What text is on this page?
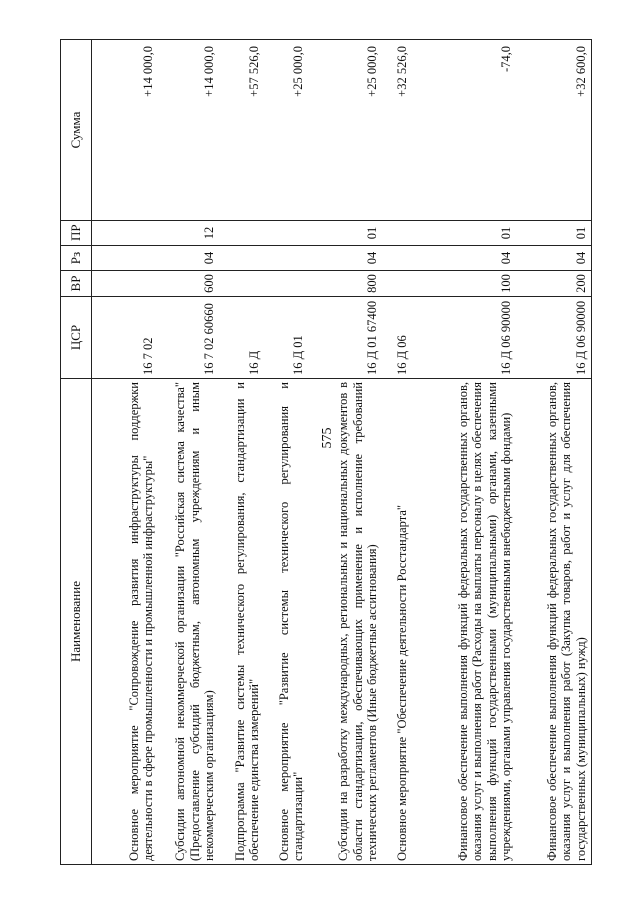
575
Наименование	ЦСР	ВР	Рз	ПР	Сумма
Основное мероприятие "Сопровождение развития инфраструктуры поддержки деятельности в сфере промышленности и промышленной инфраструктуры"	16 7 02				+14 000,0
Субсидии автономной некоммерческой организации "Российская система качества" (Предоставление субсидий бюджетным, автономным учреждениям и иным некоммерческим организациям)	16 7 02 60660	600	04	12	+14 000,0
Подпрограмма "Развитие системы технического регулирования, стандартизации и обеспечение единства измерений"	16 Д				+57 526,0
Основное мероприятие "Развитие системы технического регулирования и стандартизации"	16 Д 01				+25 000,0
Субсидии на разработку международных, региональных и национальных документов в области стандартизации, обеспечивающих применение и исполнение требований технических регламентов (Иные бюджетные ассигнования)	16 Д 01 67400	800	04	01	+25 000,0
Основное мероприятие "Обеспечение деятельности Росстандарта"	16 Д 06				+32 526,0
Финансовое обеспечение выполнения функций федеральных государственных органов, оказания услуг и выполнения работ (Расходы на выплаты персоналу в целях обеспечения выполнения функций государственными (муниципальными) органами, казенными учреждениями, органами управления государственными внебюджетными фондами)	16 Д 06 90000	100	04	01	-74,0
Финансовое обеспечение выполнения функций федеральных государственных органов, оказания услуг и выполнения работ (Закупка товаров, работ и услуг для обеспечения государственных (муниципальных) нужд)	16 Д 06 90000	200	04	01	+32 600,0
